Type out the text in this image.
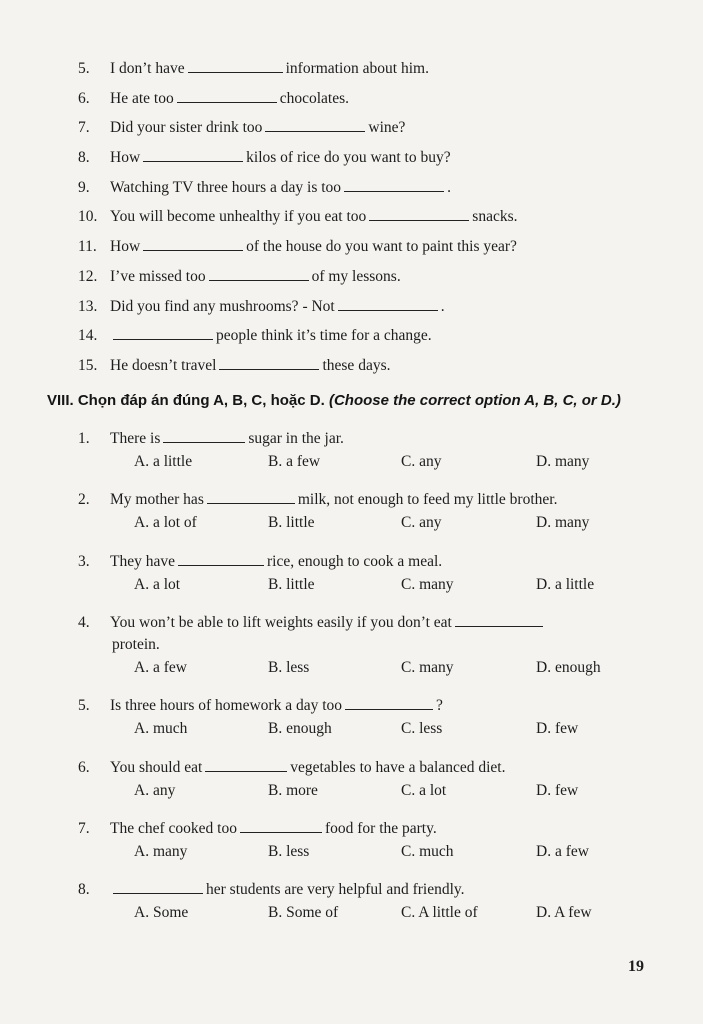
5. I don’t have	information about him.
6. He ate too	chocolates.
7. Did your sister drink too	wine?
8. How	kilos of rice do you want to buy?
9. Watching TV three hours a day is too	.
10. You will become unhealthy if you eat too	snacks.
11. How	of the house do you want to paint this year?
12. I’ve missed too	of my lessons.
13. Did you find any mushrooms? - Not	.
14.	people think it’s time for a change.
15. He doesn’t travel	these days.
VIII. Chọn đáp án đúng A, B, C, hoặc D. (Choose the correct option A, B, C, or D.)
1. There is	sugar in the jar.
A. a little	B. a few	C. any	D. many
2. My mother has	milk, not enough to feed my little brother.
A. a lot of	B. little	C. any	D. many
3. They have	rice, enough to cook a meal.
A. a lot	B. little	C. many	D. a little
4. You won’t be able to lift weights easily if you don’t eat
protein.
A. a few	B. less	C. many	D. enough
5. Is three hours of homework a day too	?
A. much	B. enough	C. less	D. few
6. You should eat	vegetables to have a balanced diet.
A. any	B. more	C. a lot	D. few
7. The chef cooked too	food for the party.
A. many	B. less	C. much	D. a few
8.	her students are very helpful and friendly.
A. Some	B. Some of	C. A little of	D. A few
19
